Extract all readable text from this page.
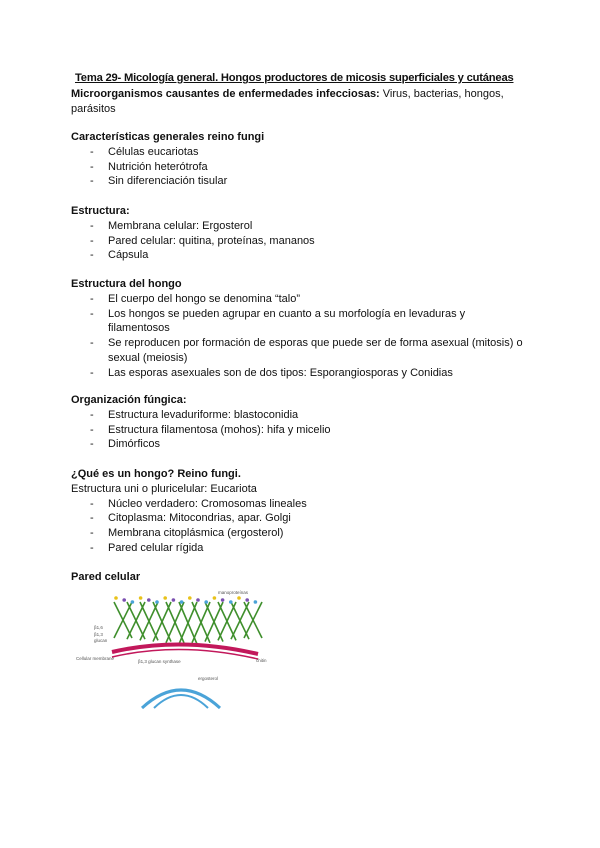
Tema 29- Micología general. Hongos productores de micosis superficiales y cutáneas
Microorganismos causantes de enfermedades infecciosas: Virus, bacterias, hongos, parásitos
Características generales reino fungi
- Células eucariotas
- Nutrición heterótrofa
- Sin diferenciación tisular
Estructura:
- Membrana celular: Ergosterol
- Pared celular: quitina, proteínas, mananos
- Cápsula
Estructura del hongo
- El cuerpo del hongo se denomina “talo”
- Los hongos se pueden agrupar en cuanto a su morfología en levaduras y filamentosos
- Se reproducen por formación de esporas que puede ser de forma asexual (mitosis) o sexual (meiosis)
- Las esporas asexuales son de dos tipos: Esporangiosporas y Conidias
Organización fúngica:
- Estructura levaduriforme: blastoconidia
- Estructura filamentosa (mohos): hifa y micelio
- Dimórficos
¿Qué es un hongo? Reino fungi.

Estructura uni o pluricelular: Eucariota

- Núcleo verdadero: Cromosomas lineales
- Citoplasma: Mitocondrias, apar. Golgi
- Membrana citoplásmica (ergosterol)
- Pared celular rígida
Pared celular
manoproteínas
β1,6
β1,3
glucan
Cellular membrane
β1,3 glucan synthase	chitin
ergosterol
